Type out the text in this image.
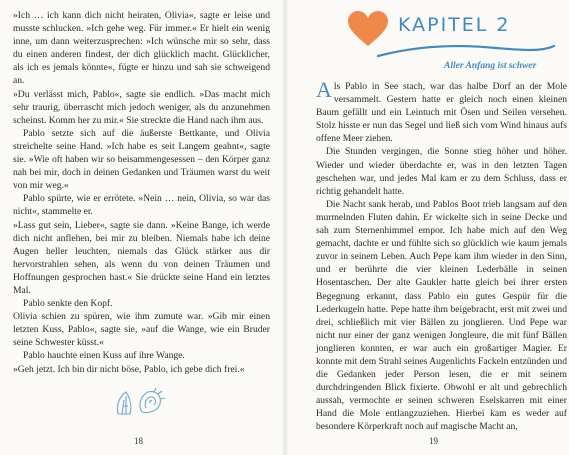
»Ich … ich kann dich nicht heiraten, Olivia«, sagte er leise und musste schlucken. »Ich gehe weg. Für immer.« Er hielt ein wenig inne, um dann weiterzusprechen: »Ich wünsche mir so sehr, dass du einen anderen findest, der dich glücklich macht. Glücklicher, als ich es jemals könnte«, fügte er hinzu und sah sie schweigend an.

»Du verlässt mich, Pablo«, sagte sie endlich. »Das macht mich sehr traurig, überrascht mich jedoch weniger, als du anzunehmen scheinst. Komm her zu mir.« Sie streckte die Hand nach ihm aus.

Pablo setzte sich auf die äußerste Bettkante, und Olivia streichelte seine Hand. »Ich habe es seit Langem geahnt«, sagte sie. »Wie oft haben wir so beisammengesessen – den Körper ganz nah bei mir, doch in deinen Gedanken und Träumen warst du weit von mir weg.«

Pablo spürte, wie er errötete. »Nein … nein, Olivia, so war das nicht«, stammelte er.

»Lass gut sein, Lieber«, sagte sie dann. »Keine Bange, ich werde dich nicht anflehen, bei mir zu bleiben. Niemals habe ich deine Augen heller leuchten, niemals das Glück stärker aus dir hervorstrahlen sehen, als wenn du von deinen Träumen und Hoffnungen gesprochen hast.« Sie drückte seine Hand ein letztes Mal.

Pablo senkte den Kopf.

Olivia schien zu spüren, wie ihm zumute war. »Gib mir einen letzten Kuss, Pablo«, sagte sie, »auf die Wange, wie ein Bruder seine Schwester küsst.«

Pablo hauchte einen Kuss auf ihre Wange.

»Geh jetzt. Ich bin dir nicht böse, Pablo, ich gebe dich frei.«

18
KAPITEL 2
Aller Anfang ist schwer

Als Pablo in See stach, war das halbe Dorf an der Mole versammelt. Gestern hatte er gleich noch einen kleinen Baum gefällt und ein Leintuch mit Ösen und Seilen versehen. Stolz hisste er nun das Segel und ließ sich vom Wind hinaus aufs offene Meer ziehen.

Die Stunden vergingen, die Sonne stieg höher und höher. Wieder und wieder überdachte er, was in den letzten Tagen geschehen war, und jedes Mal kam er zu dem Schluss, dass er richtig gehandelt hatte.

Die Nacht sank herab, und Pablos Boot trieb langsam auf den murmelnden Fluten dahin. Er wickelte sich in seine Decke und sah zum Sternenhimmel empor. Ich habe mich auf den Weg gemacht, dachte er und fühlte sich so glücklich wie kaum jemals zuvor in seinem Leben. Auch Pepe kam ihm wieder in den Sinn, und er berührte die vier kleinen Lederbälle in seinen Hosentaschen. Der alte Gaukler hatte gleich bei ihrer ersten Begegnung erkannt, dass Pablo ein gutes Gespür für die Lederkugeln hatte. Pepe hatte ihm beigebracht, erst mit zwei und drei, schließlich mit vier Bällen zu jonglieren. Und Pepe war nicht nur einer der ganz wenigen Jongleure, die mit fünf Bällen jonglieren konnten, er war auch ein großartiger Magier. Er konnte mit dem Strahl seines Augenlichts Fackeln entzünden und die Gedanken jeder Person lesen, die er mit seinem durchdringenden Blick fixierte. Obwohl er alt und gebrechlich aussah, vermochte er seinen schweren Eselskarren mit einer Hand die Mole entlangzuziehen. Hierbei kam es weder auf besondere Körperkraft noch auf magische Macht an,

19
